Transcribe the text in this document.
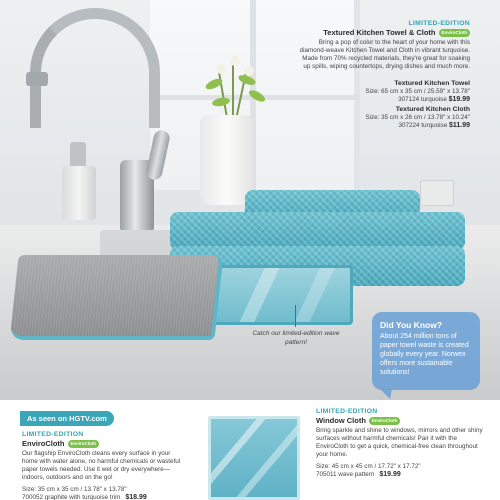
Catch our limited-edition wave pattern!
Did You Know?
About 254 million tons of paper towel waste is created globally every year. Norwex offers more sustainable solutions!
LIMITED-EDITION
Textured Kitchen Towel & Cloth	EnviroCloth
Bring a pop of color to the heart of your home with this diamond-weave Kitchen Towel and Cloth in vibrant turquoise. Made from 70% recycled materials, they're great for soaking up spills, wiping countertops, drying dishes and much more.
Textured Kitchen Towel
Size: 65 cm x 35 cm / 25.59" x 13.78"
307124 turquoise $19.99
Textured Kitchen Cloth
Size: 35 cm x 26 cm / 13.78" x 10.24"
307224 turquoise $11.99
As seen on HGTV.com
LIMITED-EDITION
EnviroCloth	EnviroCloth
Our flagship EnviroCloth cleans every surface in your home with water alone, no harmful chemicals or wasteful paper towels needed. Use it wet or dry everywhere—indoors, outdoors and on the go!
Size: 35 cm x 35 cm / 13.78" x 13.78"
700052 graphite with turquoise trim $18.99
LIMITED-EDITION
Window Cloth	EnviroCloth
Bring sparkle and shine to windows, mirrors and other shiny surfaces without harmful chemicals! Pair it with the EnviroCloth to get a quick, chemical-free clean throughout your home.
Size: 45 cm x 45 cm / 17.72" x 17.72"
705011 wave pattern $19.99
